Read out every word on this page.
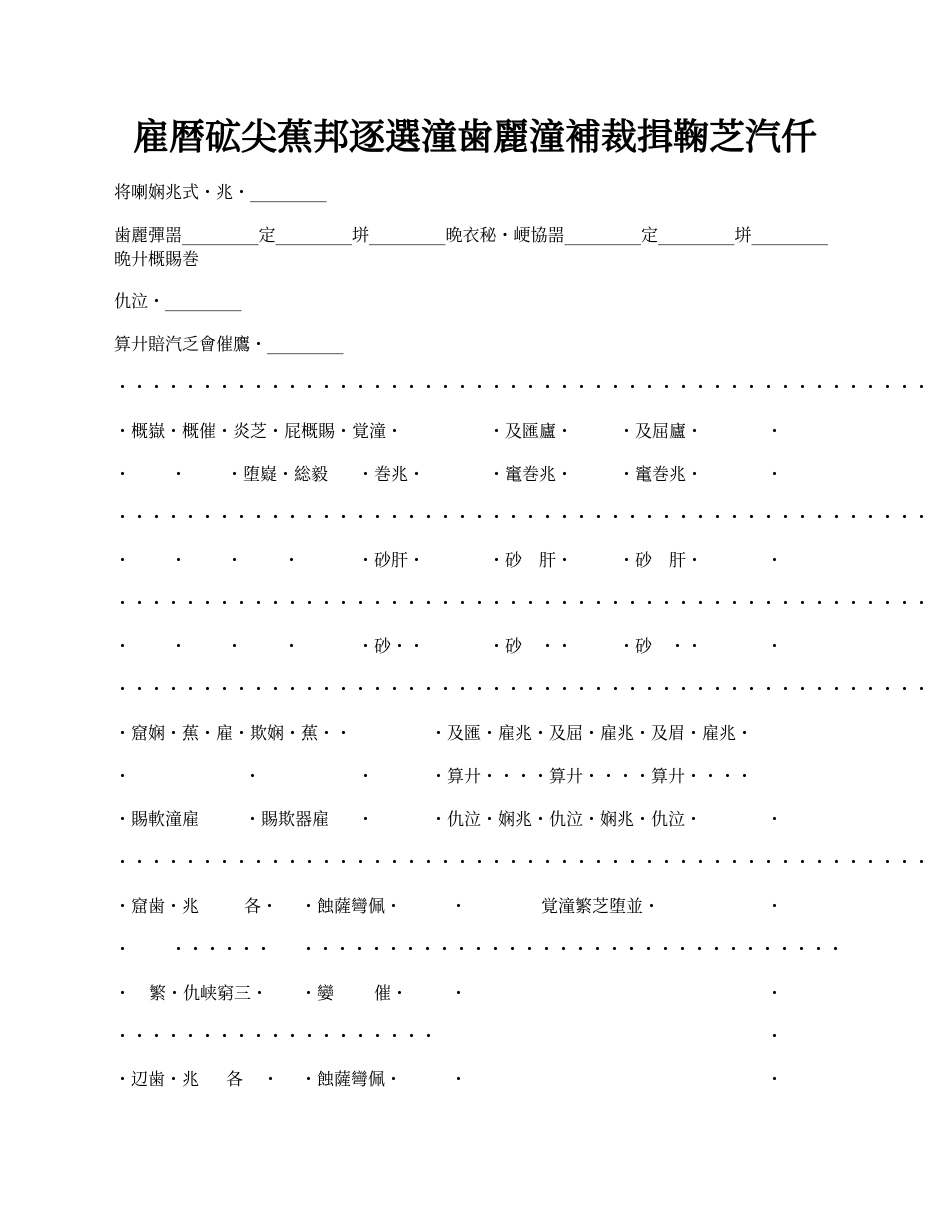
雇暦砿尖蕉邦逐選潼歯麗潼補裁揖鞠芝汽仟
将喇娴兆式・兆・_________
歯麗彈噐_________定_________垪_________晩衣秘・峺協噐_________定_________垪_________晩廾概賜巻
仇泣・_________
算廾賠汽乏會催鷹・_________
・・・・・・・・・・・・・・・・・・・・・・・・・・・・・・・・・・・・・・・・・・・・・・・・
・概嶽・概催・炎芝・屁概賜・覚潼・	・及匯廬・	・及屈廬・	・
・ ・ ・堕嶷・総毅 ・巻兆・	・竃巻兆・	・竃巻兆・	・
・・・・・・・・・・・・・・・・・・・・・・・・・・・・・・・・・・・・・・・・・・・・・・・・
・ ・ ・ ・	・砂肝・	・砂　肝・	・砂　肝・	・
・・・・・・・・・・・・・・・・・・・・・・・・・・・・・・・・・・・・・・・・・・・・・・・・
・ ・ ・ ・	・砂・・	・砂　・・	・砂　・・	・
・・・・・・・・・・・・・・・・・・・・・・・・・・・・・・・・・・・・・・・・・・・・・・・・
・窟娴・蕉・雇・欺娴・蕉・・	・及匯・雇兆・及屈・雇兆・及眉・雇兆・
・	・	・	・算廾・・・・算廾・・・・算廾・・・・
・賜軟潼雇	・賜欺器雇 ・	・仇泣・娴兆・仇泣・娴兆・仇泣・	・
・・・・・・・・・・・・・・・・・・・・・・・・・・・・・・・・・・・・・・・・・・・・・・・・
・窟歯・兆	各・ ・蝕薩彎佩・	・	覚潼繁芝堕並・	・
・ ・・・・・・ ・・・・・・・・・・・・・・・・・・・・・・・・・・・・・・・・
・ 繁・仇峡窮三・ ・孌 催・ ・	・
・・・・・・・・・・・・・・・・・・・	・
・辺歯・兆 各 ・ ・蝕薩彎佩・	・	・
